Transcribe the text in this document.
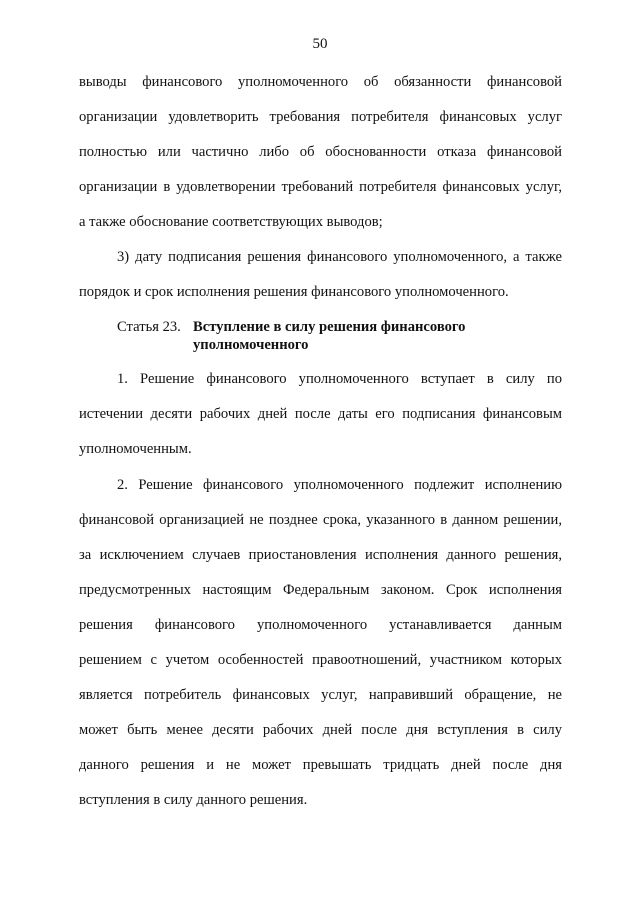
50
выводы финансового уполномоченного об обязанности финансовой
организации удовлетворить требования потребителя финансовых услуг
полностью или частично либо об обоснованности отказа финансовой
организации в удовлетворении требований потребителя финансовых услуг,
а также обоснование соответствующих выводов;
3) дату подписания решения финансового уполномоченного, а также
порядок и срок исполнения решения финансового уполномоченного.
Статья 23. Вступление в силу решения финансового
уполномоченного
1. Решение финансового уполномоченного вступает в силу по
истечении десяти рабочих дней после даты его подписания финансовым
уполномоченным.
2. Решение финансового уполномоченного подлежит исполнению
финансовой организацией не позднее срока, указанного в данном решении,
за исключением случаев приостановления исполнения данного решения,
предусмотренных настоящим Федеральным законом. Срок исполнения
решения финансового уполномоченного устанавливается данным
решением с учетом особенностей правоотношений, участником которых
является потребитель финансовых услуг, направивший обращение, не
может быть менее десяти рабочих дней после дня вступления в силу
данного решения и не может превышать тридцать дней после дня
вступления в силу данного решения.
